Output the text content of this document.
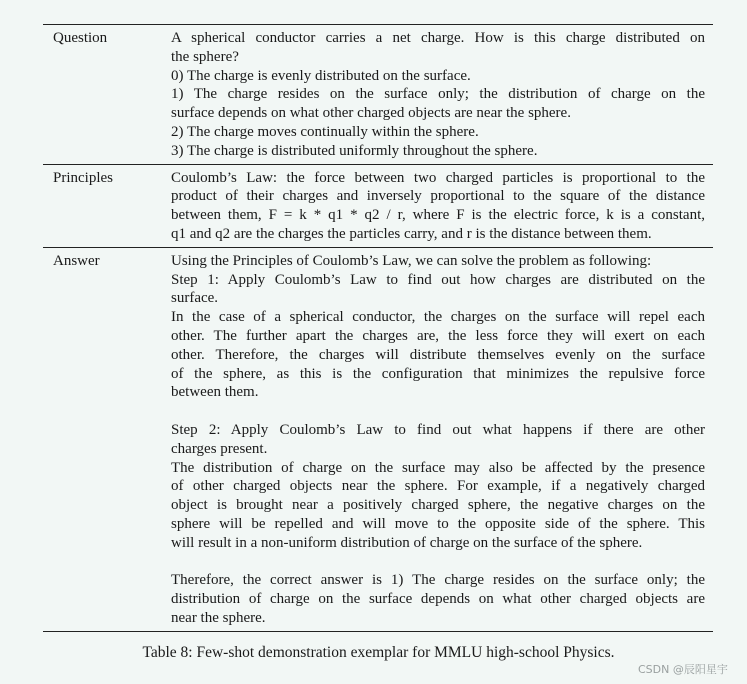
Question	A spherical conductor carries a net charge. How is this charge distributed on
the sphere?
0) The charge is evenly distributed on the surface.
1) The charge resides on the surface only; the distribution of charge on the
surface depends on what other charged objects are near the sphere.
2) The charge moves continually within the sphere.
3) The charge is distributed uniformly throughout the sphere.
Principles	Coulomb’s Law: the force between two charged particles is proportional to the
product of their charges and inversely proportional to the square of the distance
between them, F = k * q1 * q2 / r, where F is the electric force, k is a constant,
q1 and q2 are the charges the particles carry, and r is the distance between them.
Answer	Using the Principles of Coulomb’s Law, we can solve the problem as following:
Step 1: Apply Coulomb’s Law to find out how charges are distributed on the
surface.
In the case of a spherical conductor, the charges on the surface will repel each
other. The further apart the charges are, the less force they will exert on each
other. Therefore, the charges will distribute themselves evenly on the surface
of the sphere, as this is the configuration that minimizes the repulsive force
between them.
Step 2: Apply Coulomb’s Law to find out what happens if there are other
charges present.
The distribution of charge on the surface may also be affected by the presence
of other charged objects near the sphere. For example, if a negatively charged
object is brought near a positively charged sphere, the negative charges on the
sphere will be repelled and will move to the opposite side of the sphere. This
will result in a non-uniform distribution of charge on the surface of the sphere.
Therefore, the correct answer is 1) The charge resides on the surface only; the
distribution of charge on the surface depends on what other charged objects are
near the sphere.
Table 8: Few-shot demonstration exemplar for MMLU high-school Physics.
CSDN @辰阳星宇
